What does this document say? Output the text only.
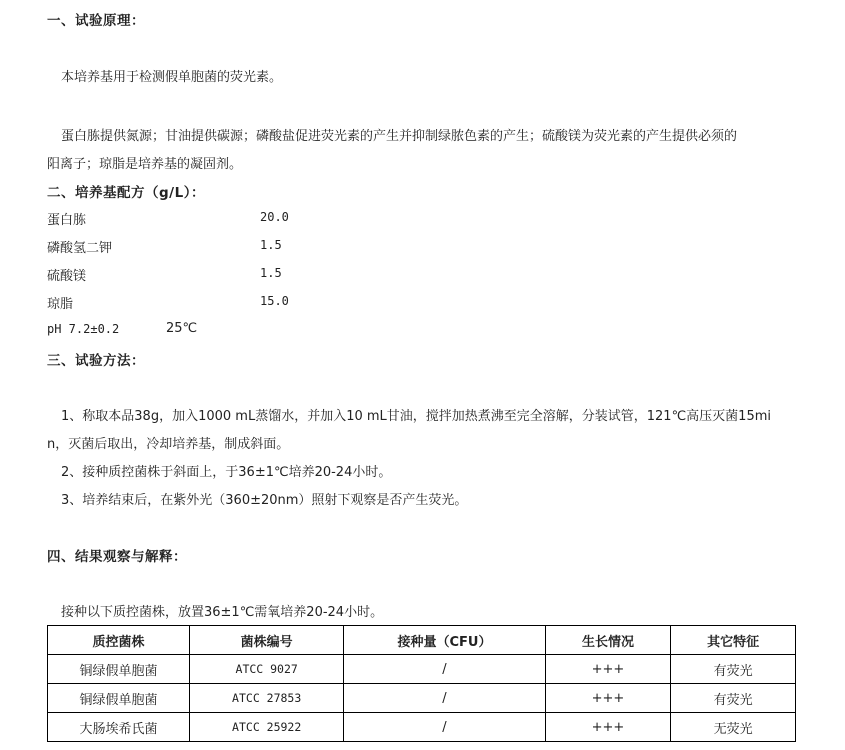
一、试验原理：
本培养基用于检测假单胞菌的荧光素。
蛋白胨提供氮源；甘油提供碳源；磷酸盐促进荧光素的产生并抑制绿脓色素的产生；硫酸镁为荧光素的产生提供必须的
阳离子；琼脂是培养基的凝固剂。
二、培养基配方（g/L）：
蛋白胨	20.0
磷酸氢二钾	1.5
硫酸镁	1.5
琼脂	15.0
pH 7.2±0.2	25℃
三、试验方法：
1、称取本品38g，加入1000 mL蒸馏水，并加入10 mL甘油，搅拌加热煮沸至完全溶解，分装试管，121℃高压灭菌15mi
n，灭菌后取出，冷却培养基，制成斜面。
2、接种质控菌株于斜面上，于36±1℃培养20-24小时。
3、培养结束后，在紫外光（360±20nm）照射下观察是否产生荧光。
四、结果观察与解释：
接种以下质控菌株，放置36±1℃需氧培养20-24小时。
质控菌株	菌株编号	接种量（CFU）	生长情况	其它特征
铜绿假单胞菌	ATCC 9027	/	+++	有荧光
铜绿假单胞菌	ATCC 27853	/	+++	有荧光
大肠埃希氏菌	ATCC 25922	/	+++	无荧光
